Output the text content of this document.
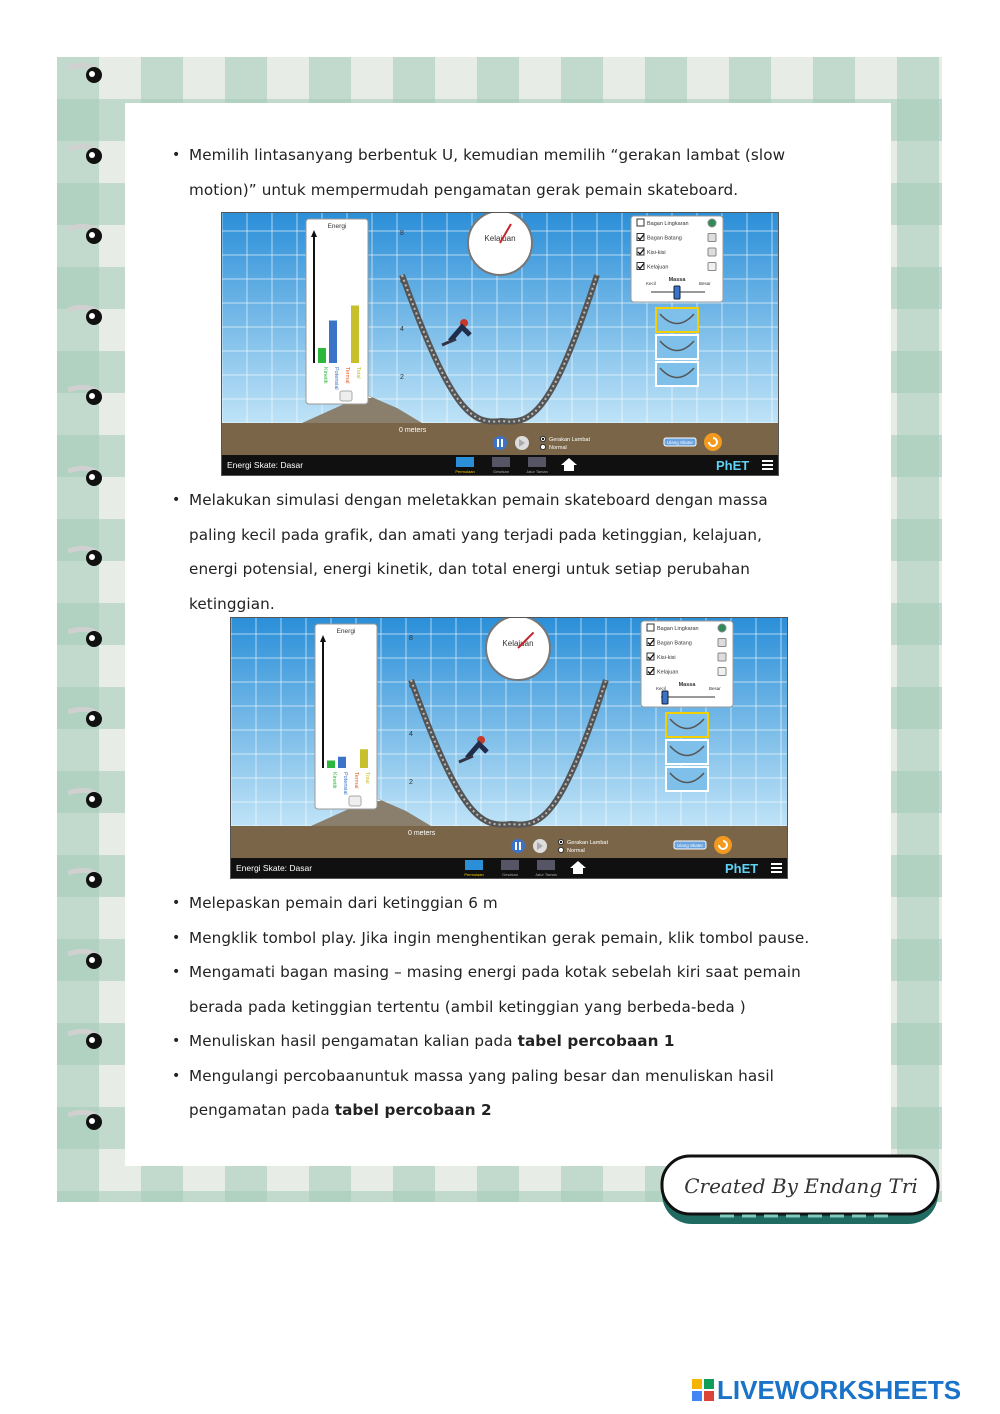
• Memilih lintasanyang berbentuk U, kemudian memilih “gerakan lambat (slow
motion)” untuk mempermudah pengamatan gerak pemain skateboard.
8
6
4
2
0 meters
Energi
Kinetik Potensial Termal Total
Kelajuan
Bagan Lingkaran
Bagan Batang
Kisi-kisi
Kelajuan
Massa
Kecil	Besar
Gerakan Lambat
Normal
Ulang Skater
Energi Skate: Dasar
Permulaan	Gesekan	Jalur Taman	PhET
• Melakukan simulasi dengan meletakkan pemain skateboard dengan massa
paling kecil pada grafik, dan amati yang terjadi pada ketinggian, kelajuan,
energi potensial, energi kinetik, dan total energi untuk setiap perubahan
ketinggian.
8
6
4
2
0 meters
Energi
Kinetik Potensial Termal Total
Kelajuan
Bagan Lingkaran
Bagan Batang
Kisi-kisi
Kelajuan
Massa
Kecil	Besar
Gerakan Lambat
Normal
Ulang Skater
Energi Skate: Dasar
Permulaan	Gesekan	Jalur Taman	PhET
• Melepaskan pemain dari ketinggian 6 m
• Mengklik tombol play. Jika ingin menghentikan gerak pemain, klik tombol pause.
• Mengamati bagan masing – masing energi pada kotak sebelah kiri saat pemain
berada pada ketinggian tertentu (ambil ketinggian yang berbeda-beda )
• Menuliskan hasil pengamatan kalian pada tabel percobaan 1
• Mengulangi percobaanuntuk massa yang paling besar dan menuliskan hasil
pengamatan pada tabel percobaan 2
Created By Endang Tri
LIVEWORKSHEETS
